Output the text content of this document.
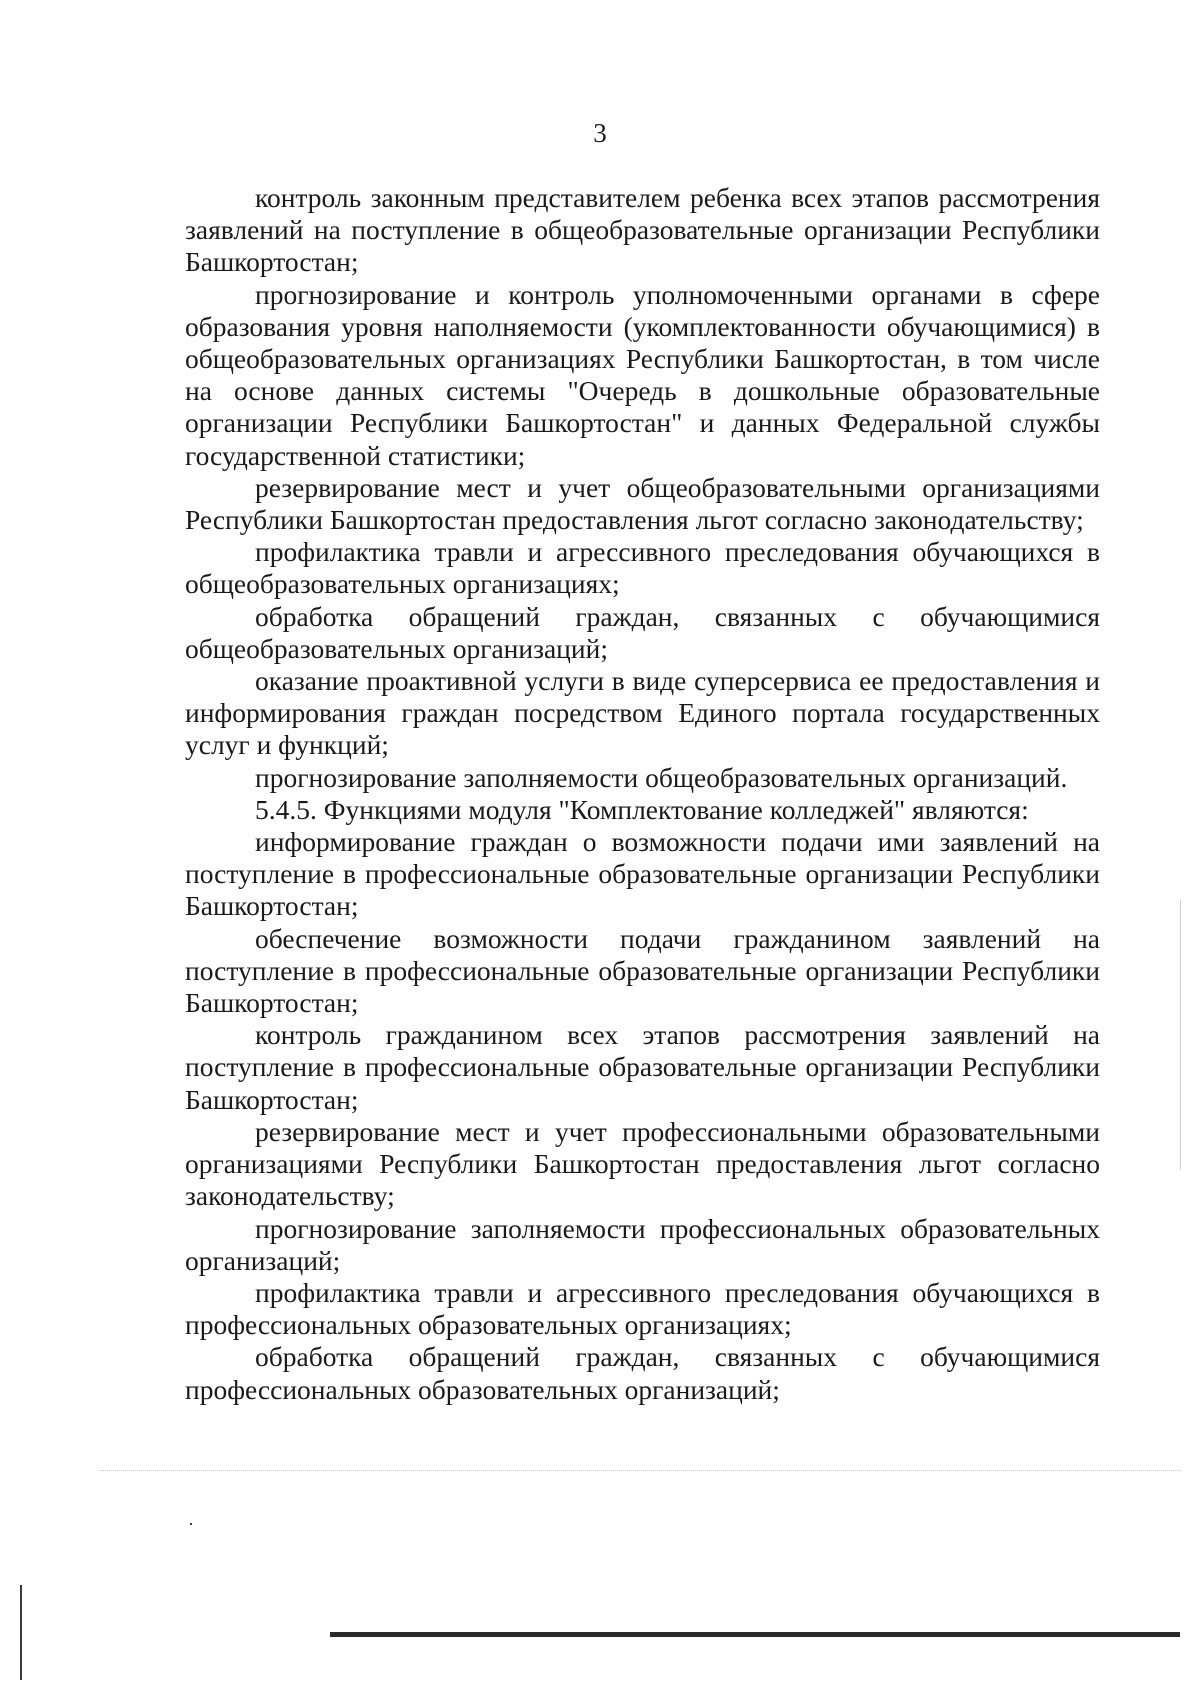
3

контроль законным представителем ребенка всех этапов рассмотрения заявлений на поступление в общеобразовательные организации Республики Башкортостан;

прогнозирование и контроль уполномоченными органами в сфере образования уровня наполняемости (укомплектованности обучающимися) в общеобразовательных организациях Республики Башкортостан, в том числе на основе данных системы "Очередь в дошкольные образовательные организации Республики Башкортостан" и данных Федеральной службы государственной статистики;

резервирование мест и учет общеобразовательными организациями Республики Башкортостан предоставления льгот согласно законодательству;

профилактика травли и агрессивного преследования обучающихся в общеобразовательных организациях;

обработка обращений граждан, связанных с обучающимися общеобразовательных организаций;

оказание проактивной услуги в виде суперсервиса ее предоставления и информирования граждан посредством Единого портала государственных услуг и функций;

прогнозирование заполняемости общеобразовательных организаций.

5.4.5. Функциями модуля "Комплектование колледжей" являются:

информирование граждан о возможности подачи ими заявлений на поступление в профессиональные образовательные организации Республики Башкортостан;

обеспечение возможности подачи гражданином заявлений на поступление в профессиональные образовательные организации Республики Башкортостан;

контроль гражданином всех этапов рассмотрения заявлений на поступление в профессиональные образовательные организации Республики Башкортостан;

резервирование мест и учет профессиональными образовательными организациями Республики Башкортостан предоставления льгот согласно законодательству;

прогнозирование заполняемости профессиональных образовательных организаций;

профилактика травли и агрессивного преследования обучающихся в профессиональных образовательных организациях;

обработка обращений граждан, связанных с обучающимися профессиональных образовательных организаций;
